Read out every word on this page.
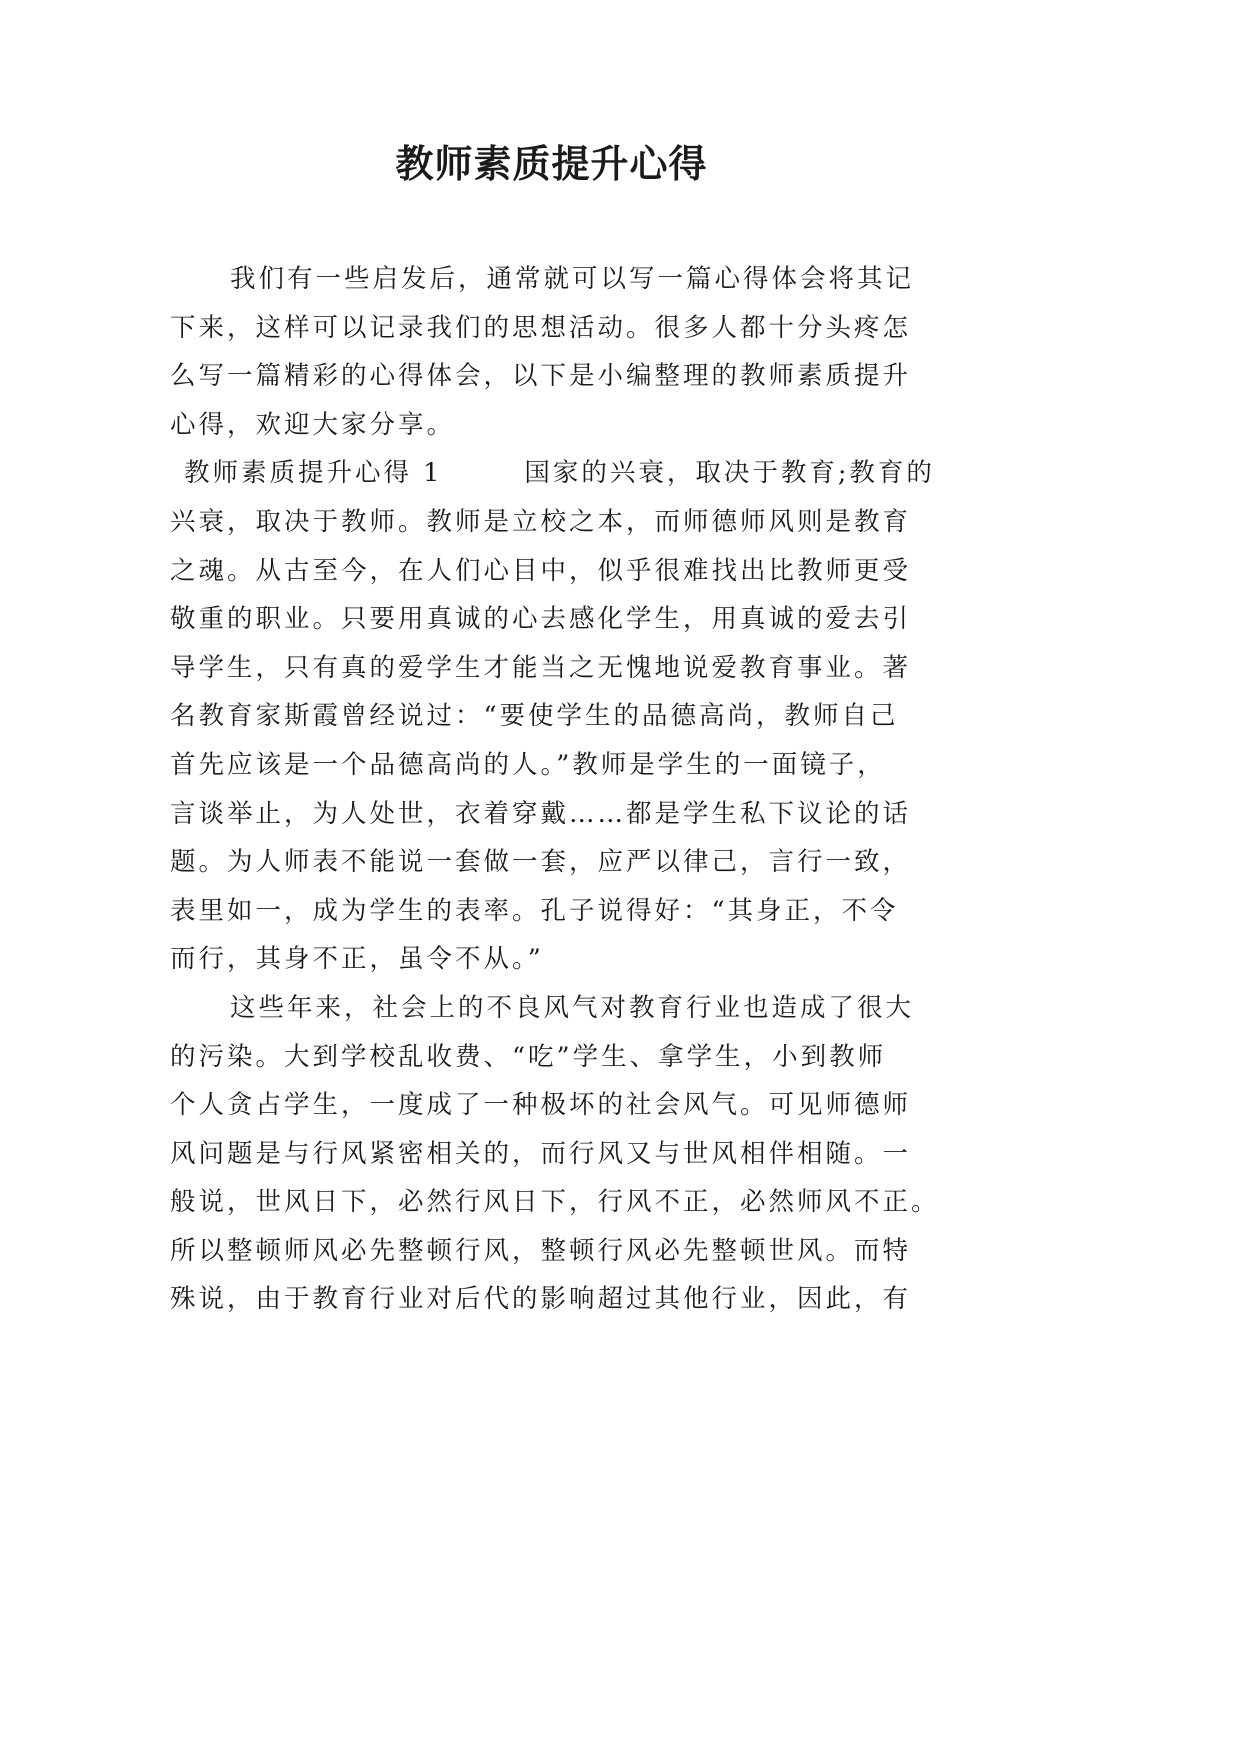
教师素质提升心得
我们有一些启发后，通常就可以写一篇心得体会将其记
下来，这样可以记录我们的思想活动。很多人都十分头疼怎
么写一篇精彩的心得体会，以下是小编整理的教师素质提升
心得，欢迎大家分享。
教师素质提升心得 1	国家的兴衰，取决于教育;教育的
兴衰，取决于教师。教师是立校之本，而师德师风则是教育
之魂。从古至今，在人们心目中，似乎很难找出比教师更受
敬重的职业。只要用真诚的心去感化学生，用真诚的爱去引
导学生，只有真的爱学生才能当之无愧地说爱教育事业。著
名教育家斯霞曾经说过：“要使学生的品德高尚，教师自己
首先应该是一个品德高尚的人。”教师是学生的一面镜子，
言谈举止，为人处世，衣着穿戴……都是学生私下议论的话
题。为人师表不能说一套做一套，应严以律己，言行一致，
表里如一，成为学生的表率。孔子说得好：“其身正，不令
而行，其身不正，虽令不从。”
这些年来，社会上的不良风气对教育行业也造成了很大
的污染。大到学校乱收费、“吃”学生、拿学生，小到教师
个人贪占学生，一度成了一种极坏的社会风气。可见师德师
风问题是与行风紧密相关的，而行风又与世风相伴相随。一
般说，世风日下，必然行风日下，行风不正，必然师风不正。
所以整顿师风必先整顿行风，整顿行风必先整顿世风。而特
殊说，由于教育行业对后代的影响超过其他行业，因此，有
